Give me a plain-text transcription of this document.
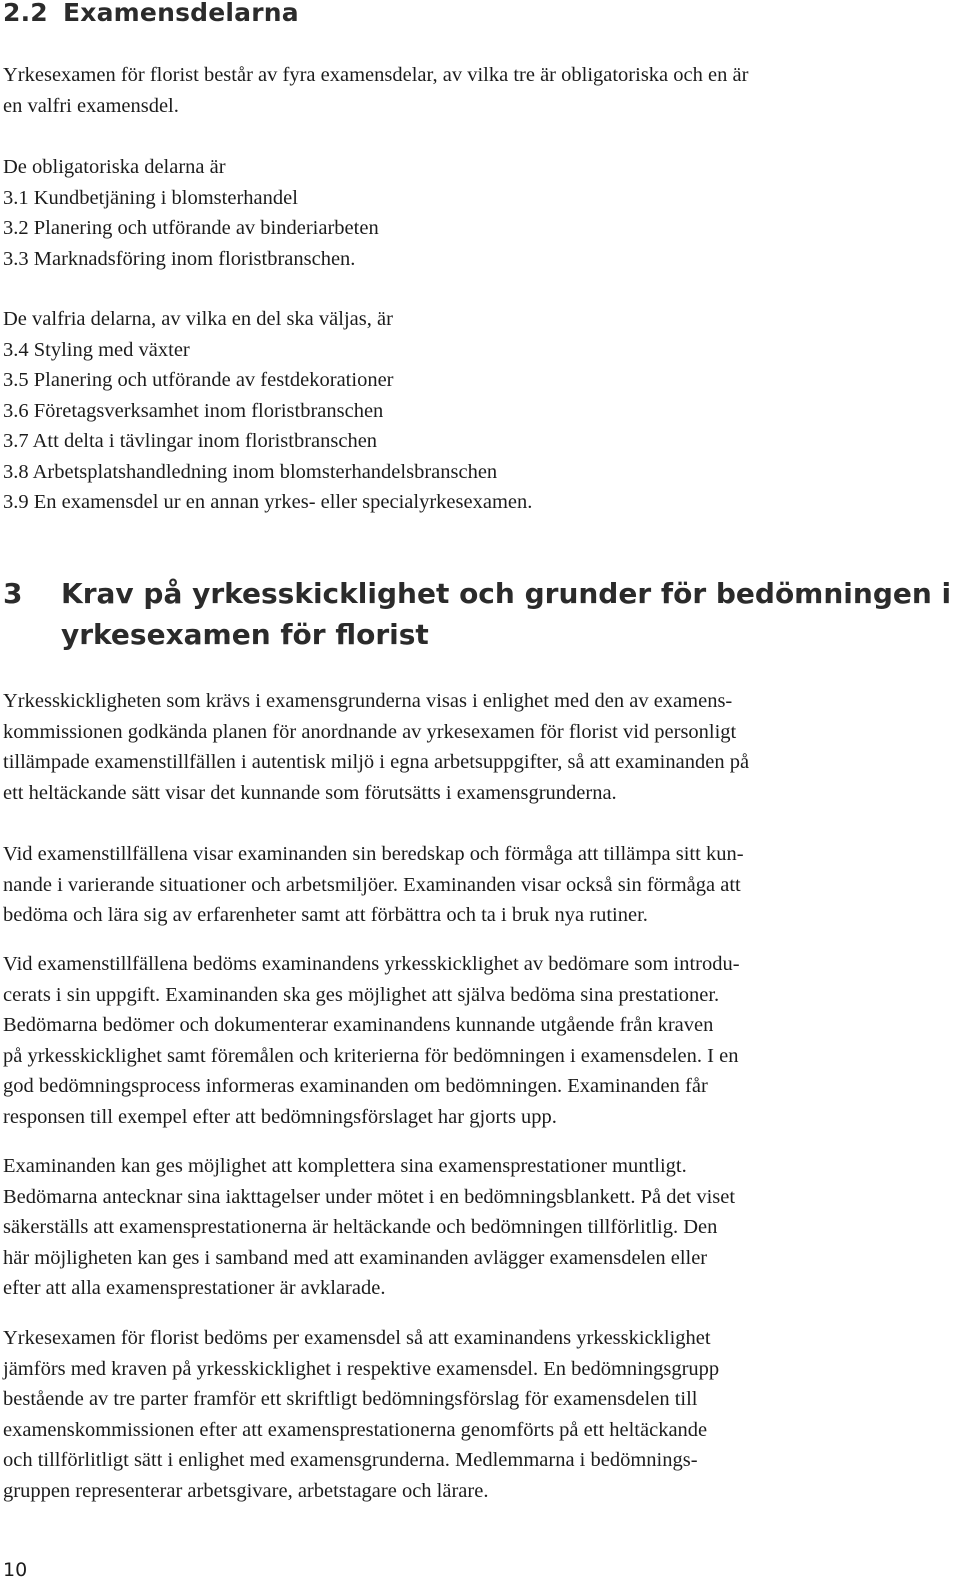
2.2 Examensdelarna

Yrkesexamen för florist består av fyra examensdelar, av vilka tre är obligatoriska och en är
en valfri examensdel.

De obligatoriska delarna är
3.1 Kundbetjäning i blomsterhandel
3.2 Planering och utförande av binderiarbeten
3.3 Marknadsföring inom floristbranschen.
De valfria delarna, av vilka en del ska väljas, är
3.4 Styling med växter
3.5 Planering och utförande av festdekorationer
3.6 Företagsverksamhet inom floristbranschen
3.7 Att delta i tävlingar inom floristbranschen
3.8 Arbetsplatshandledning inom blomsterhandelsbranschen
3.9 En examensdel ur en annan yrkes- eller specialyrkesexamen.
3 Krav på yrkesskicklighet och grunder för bedömningen i
yrkesexamen för florist

Yrkesskickligheten som krävs i examensgrunderna visas i enlighet med den av examens-
kommissionen godkända planen för anordnande av yrkesexamen för florist vid personligt
tillämpade examenstillfällen i autentisk miljö i egna arbetsuppgifter, så att examinanden på
ett heltäckande sätt visar det kunnande som förutsätts i examensgrunderna.

Vid examenstillfällena visar examinanden sin beredskap och förmåga att tillämpa sitt kun-
nande i varierande situationer och arbetsmiljöer. Examinanden visar också sin förmåga att
bedöma och lära sig av erfarenheter samt att förbättra och ta i bruk nya rutiner.

Vid examenstillfällena bedöms examinandens yrkesskicklighet av bedömare som introdu-
cerats i sin uppgift. Examinanden ska ges möjlighet att själva bedöma sina prestationer.
Bedömarna bedömer och dokumenterar examinandens kunnande utgående från kraven
på yrkesskicklighet samt föremålen och kriterierna för bedömningen i examensdelen. I en
god bedömningsprocess informeras examinanden om bedömningen. Examinanden får
responsen till exempel efter att bedömningsförslaget har gjorts upp.

Examinanden kan ges möjlighet att komplettera sina examensprestationer muntligt.
Bedömarna antecknar sina iakttagelser under mötet i en bedömningsblankett. På det viset
säkerställs att examensprestationerna är heltäckande och bedömningen tillförlitlig. Den
här möjligheten kan ges i samband med att examinanden avlägger examensdelen eller
efter att alla examensprestationer är avklarade.

Yrkesexamen för florist bedöms per examensdel så att examinandens yrkesskicklighet
jämförs med kraven på yrkesskicklighet i respektive examensdel. En bedömningsgrupp
bestående av tre parter framför ett skriftligt bedömningsförslag för examensdelen till
examenskommissionen efter att examensprestationerna genomförts på ett heltäckande
och tillförlitligt sätt i enlighet med examensgrunderna. Medlemmarna i bedömnings-
gruppen representerar arbetsgivare, arbetstagare och lärare.

10
